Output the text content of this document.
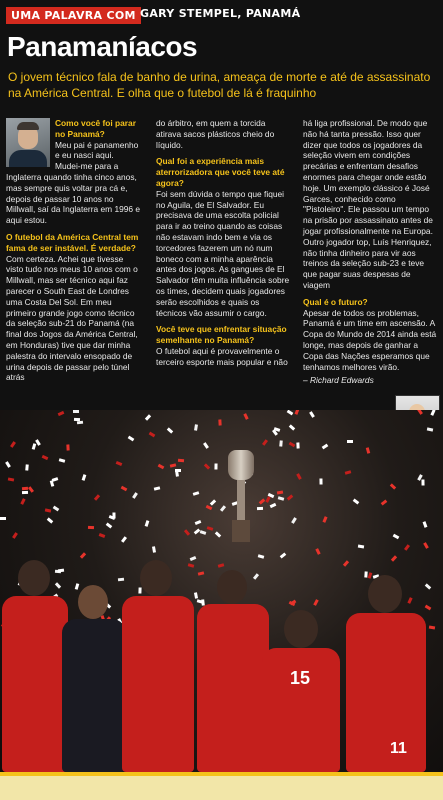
UMA PALAVRA COM GARY STEMPEL, PANAMÁ
Panamaníacos
O jovem técnico fala de banho de urina, ameaça de morte e até de assassinato na América Central. E olha que o futebol de lá é fraquinho
Como você foi parar no Panamá?

Meu pai é panamenho e eu nasci aqui. Mudei-me para a Inglaterra quando tinha cinco anos, mas sempre quis voltar pra cá e, depois de passar 10 anos no Millwall, saí da Inglaterra em 1996 e aqui estou.

O futebol da América Central tem fama de ser instável. É verdade?

Com certeza. Achei que tivesse visto tudo nos meus 10 anos com o Millwall, mas ser técnico aqui faz parecer o South East de Londres uma Costa Del Sol. Em meu primeiro grande jogo como técnico da seleção sub-21 do Panamá (na final dos Jogos da América Central, em Honduras) tive que dar minha palestra do intervalo ensopado de urina depois de passar pelo túnel atrás

do árbitro, em quem a torcida atirava sacos plásticos cheio do líquido.

Qual foi a experiência mais aterrorizadora que você teve até agora?

Foi sem dúvida o tempo que fiquei no Aguila, de El Salvador. Eu precisava de uma escolta policial para ir ao treino quando as coisas não estavam indo bem e via os torcedores fazerem um nó num boneco com a minha aparência antes dos jogos. As gangues de El Salvador têm muita influência sobre os times, decidem quais jogadores serão escolhidos e quais os técnicos vão assumir o cargo.

Você teve que enfrentar situação semelhante no Panamá?

O futebol aqui é provavelmente o terceiro esporte mais popular e não

há liga profissional. De modo que não há tanta pressão. Isso quer dizer que todos os jogadores da seleção vivem em condições precárias e enfrentam desafios enormes para chegar onde estão hoje. Um exemplo clássico é José Garces, conhecido como "Pistoleiro". Ele passou um tempo na prisão por assassinato antes de jogar profissionalmente na Europa. Outro jogador top, Luís Henriquez, não tinha dinheiro para vir aos treinos da seleção sub-23 e teve que pagar suas despesas de viagem

Qual é o futuro?

Apesar de todos os problemas, Panamá é um time em ascensão. A Copa do Mundo de 2014 ainda está longe, mas depois de ganhar a Copa das Nações esperamos que tenhamos melhores virão.

– Richard Edwards

15
11
